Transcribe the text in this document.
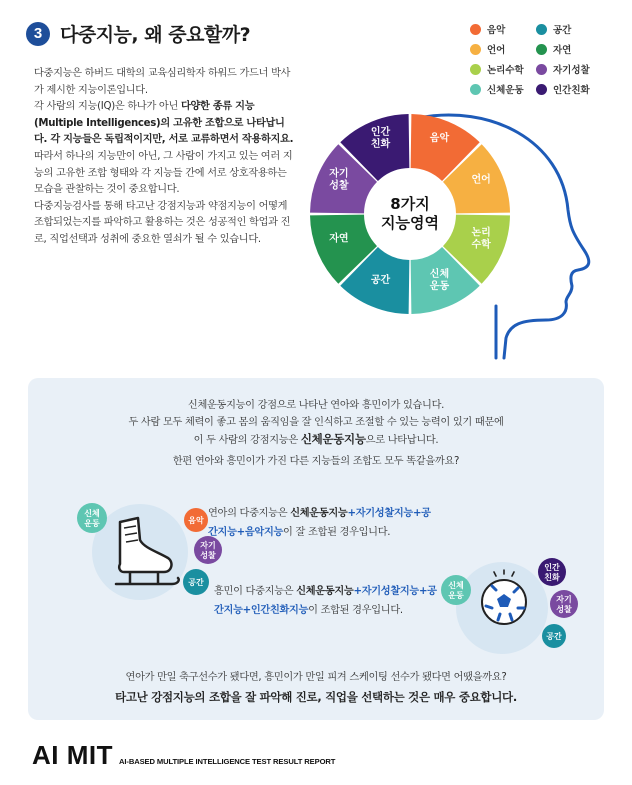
3 다중지능, 왜 중요할까?

다중지능은 하버드 대학의 교육심리학자 하워드 가드너 박사가 제시한 지능이론입니다.

각 사람의 지능(IQ)은 하나가 아닌 다양한 종류 지능(Multiple Intelligences)의 고유한 조합으로 나타납니다. 각 지능들은 독립적이지만, 서로 교류하면서 작용하지요.

따라서 하나의 지능만이 아닌, 그 사람이 가지고 있는 여러 지능의 고유한 조합 형태와 각 지능들 간에 서로 상호작용하는 모습을 관찰하는 것이 중요합니다.

다중지능검사를 통해 타고난 강점지능과 약점지능이 어떻게 조합되었는지를 파악하고 활용하는 것은 성공적인 학업과 진로, 직업선택과 성취에 중요한 열쇠가 될 수 있습니다.

음악	공간
언어	자연
논리수학	자기성찰
신체운동	인간친화
음악
언어
논리
수학
신체
운동
공간
자연
자기
성찰
인간
친화
8가지
지능영역
신체운동지능이 강점으로 나타난 연아와 흥민이가 있습니다.
두 사람 모두 체력이 좋고 몸의 움직임을 잘 인식하고 조절할 수 있는 능력이 있기 때문에
이 두 사람의 강점지능은 신체운동지능으로 나타납니다.
한편 연아와 흥민이가 가진 다른 지능들의 조합도 모두 똑같을까요?
신체
운동	음악
자기
성찰
공간
연아의 다중지능은 신체운동지능+자기성찰지능+공간지능+음악지능이 잘 조합된 경우입니다.
흥민이 다중지능은 신체운동지능+자기성찰지능+공간지능+인간친화지능이 조합된 경우입니다.
신체
운동
인간
친화
자기
성찰
공간
연아가 만일 축구선수가 됐다면, 흥민이가 만일 피겨 스케이팅 선수가 됐다면 어땠을까요?
타고난 강점지능의 조합을 잘 파악해 진로, 직업을 선택하는 것은 매우 중요합니다.
AI MIT AI-BASED MULTIPLE INTELLIGENCE TEST RESULT REPORT
